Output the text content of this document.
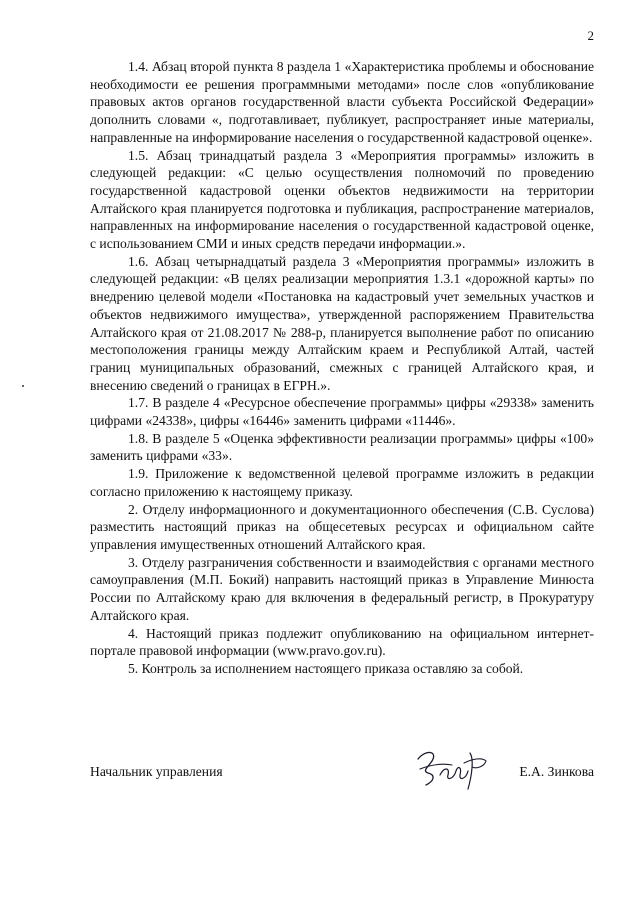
2

1.4. Абзац второй пункта 8 раздела 1 «Характеристика проблемы и обоснование необходимости ее решения программными методами» после слов «опубликование правовых актов органов государственной власти субъекта Российской Федерации» дополнить словами «, подготавливает, публикует, распространяет иные материалы, направленные на информирование населения о государственной кадастровой оценке».

1.5. Абзац тринадцатый раздела 3 «Мероприятия программы» изложить в следующей редакции: «С целью осуществления полномочий по проведению государственной кадастровой оценки объектов недвижимости на территории Алтайского края планируется подготовка и публикация, распространение материалов, направленных на информирование населения о государственной кадастровой оценке, с использованием СМИ и иных средств передачи информации.».

1.6. Абзац четырнадцатый раздела 3 «Мероприятия программы» изложить в следующей редакции: «В целях реализации мероприятия 1.3.1 «дорожной карты» по внедрению целевой модели «Постановка на кадастровый учет земельных участков и объектов недвижимого имущества», утвержденной распоряжением Правительства Алтайского края от 21.08.2017 № 288-р, планируется выполнение работ по описанию местоположения границы между Алтайским краем и Республикой Алтай, частей границ муниципальных образований, смежных с границей Алтайского края, и внесению сведений о границах в ЕГРН.».

1.7. В разделе 4 «Ресурсное обеспечение программы» цифры «29338» заменить цифрами «24338», цифры «16446» заменить цифрами «11446».

1.8. В разделе 5 «Оценка эффективности реализации программы» цифры «100» заменить цифрами «33».

1.9. Приложение к ведомственной целевой программе изложить в редакции согласно приложению к настоящему приказу.

2. Отделу информационного и документационного обеспечения (С.В. Суслова) разместить настоящий приказ на общесетевых ресурсах и официальном сайте управления имущественных отношений Алтайского края.

3. Отделу разграничения собственности и взаимодействия с органами местного самоуправления (М.П. Бокий) направить настоящий приказ в Управление Минюста России по Алтайскому краю для включения в федеральный регистр, в Прокуратуру Алтайского края.

4. Настоящий приказ подлежит опубликованию на официальном интернет-портале правовой информации (www.pravo.gov.ru).

5. Контроль за исполнением настоящего приказа оставляю за собой.

Начальник управления	Е.А. Зинкова
